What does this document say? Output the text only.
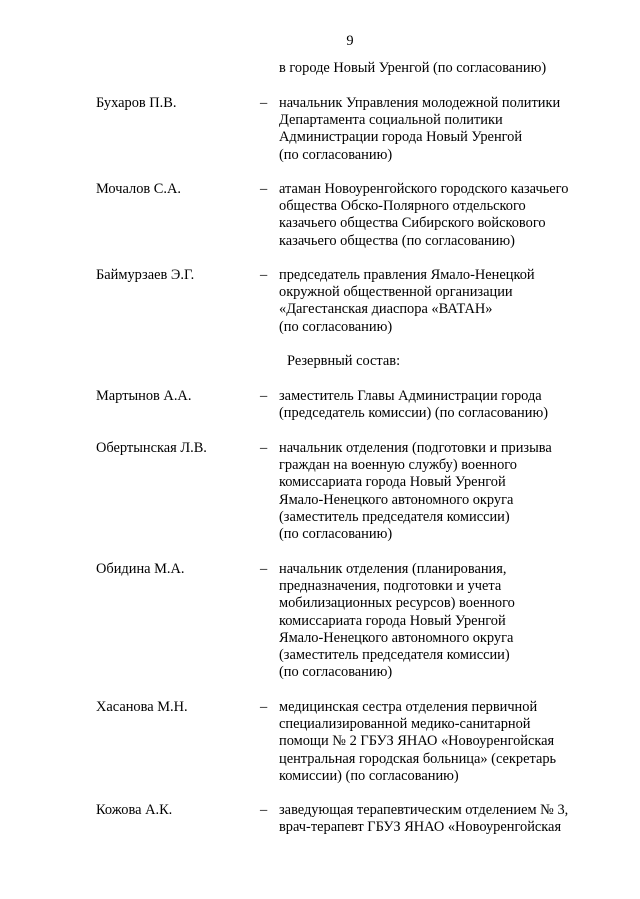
9
в городе Новый Уренгой (по согласованию)
Бухаров П.В.	– начальник Управления молодежной политики
Департамента социальной политики
Администрации города Новый Уренгой
(по согласованию)
Мочалов С.А.	– атаман Новоуренгойского городского казачьего
общества Обско-Полярного отдельского
казачьего общества Сибирского войскового
казачьего общества (по согласованию)
Баймурзаев Э.Г.	– председатель правления Ямало-Ненецкой
окружной общественной организации
«Дагестанская диаспора «ВАТАН»
(по согласованию)
Резервный состав:
Мартынов А.А.	– заместитель Главы Администрации города
(председатель комиссии) (по согласованию)
Обертынская Л.В.	– начальник отделения (подготовки и призыва
граждан на военную службу) военного
комиссариата города Новый Уренгой
Ямало-Ненецкого автономного округа
(заместитель председателя комиссии)
(по согласованию)
Обидина М.А.	– начальник отделения (планирования,
предназначения, подготовки и учета
мобилизационных ресурсов) военного
комиссариата города Новый Уренгой
Ямало-Ненецкого автономного округа
(заместитель председателя комиссии)
(по согласованию)
Хасанова М.Н.	– медицинская сестра отделения первичной
специализированной медико-санитарной
помощи № 2 ГБУЗ ЯНАО «Новоуренгойская
центральная городская больница» (секретарь
комиссии) (по согласованию)
Кожова А.К.	– заведующая терапевтическим отделением № 3,
врач-терапевт ГБУЗ ЯНАО «Новоуренгойская
